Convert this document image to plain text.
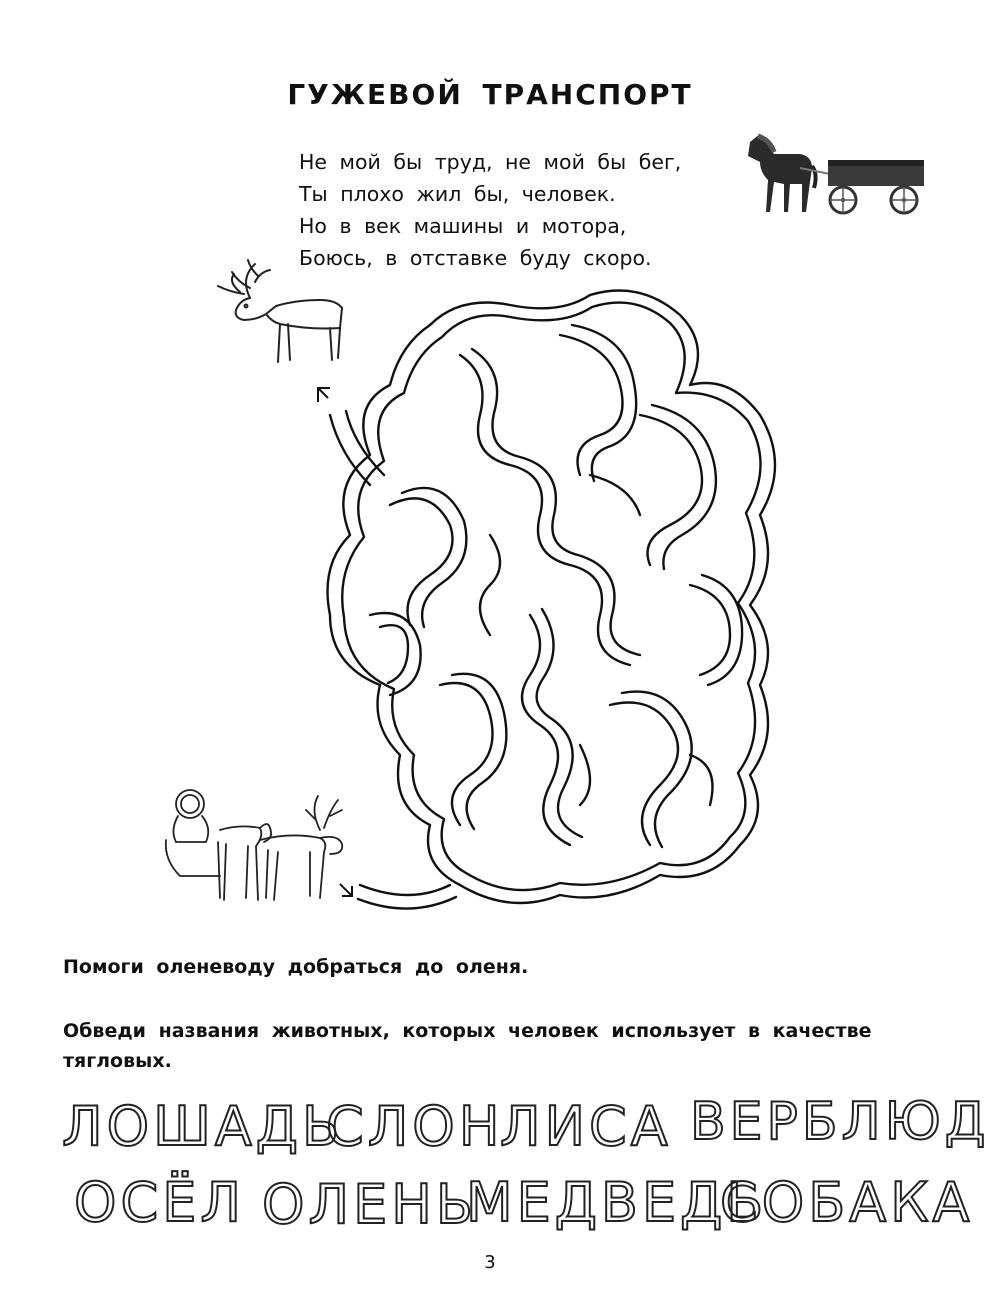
ГУЖЕВОЙ ТРАНСПОРТ
Не мой бы труд, не мой бы бег,
Ты плохо жил бы, человек.
Но в век машины и мотора,
Боюсь, в отставке буду скоро.
Помоги оленеводу добраться до оленя.
Обведи названия животных, которых человек использует в качестве тягловых.
ЛОШАДЬ
СЛОН
ЛИСА ВЕРБЛЮД
ОСЁЛ ОЛЕНЬ
МЕДВЕДЬ
СОБАКА
3
